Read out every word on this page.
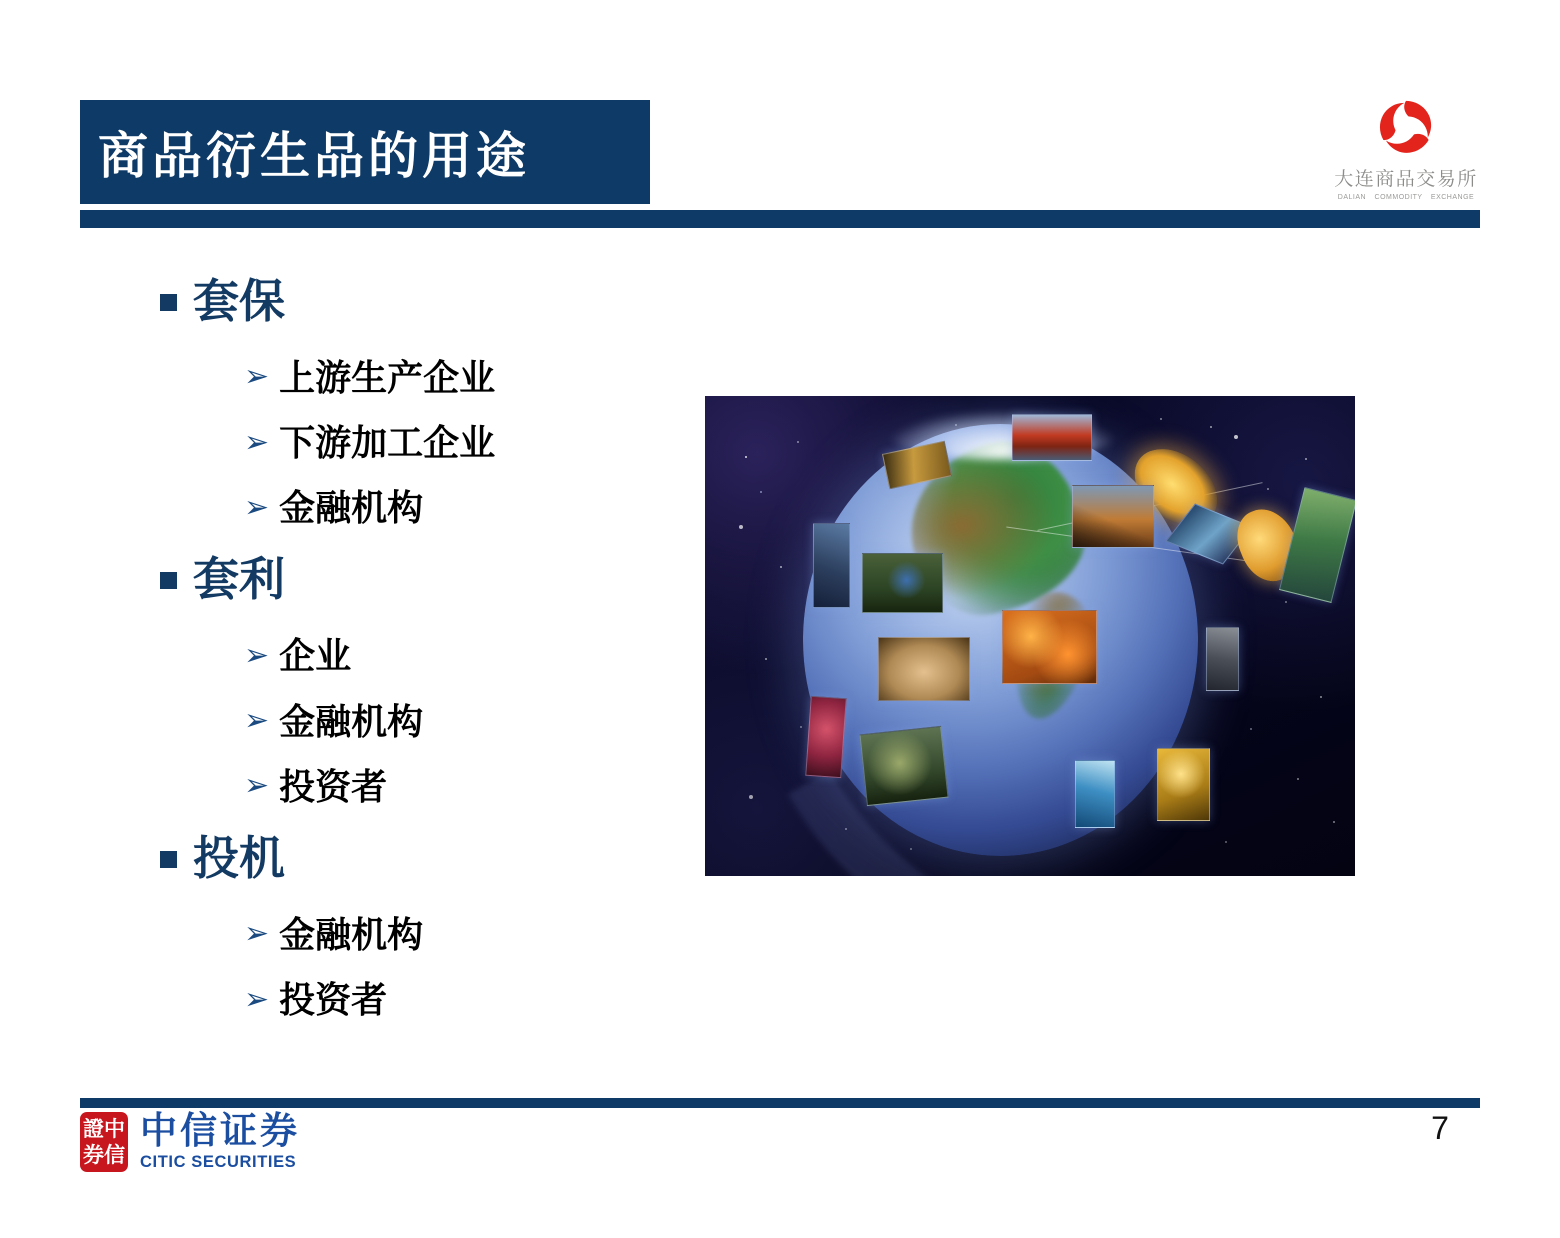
商品衍生品的用途	大连商品交易所
DALIAN COMMODITY EXCHANGE
套保
➢ 上游生产企业
➢ 下游加工企业
➢ 金融机构
套利
➢ 企业
➢ 金融机构
➢ 投资者
投机
➢ 金融机构
➢ 投资者
證 中
券 信
中信证券
CITIC SECURITIES
7
